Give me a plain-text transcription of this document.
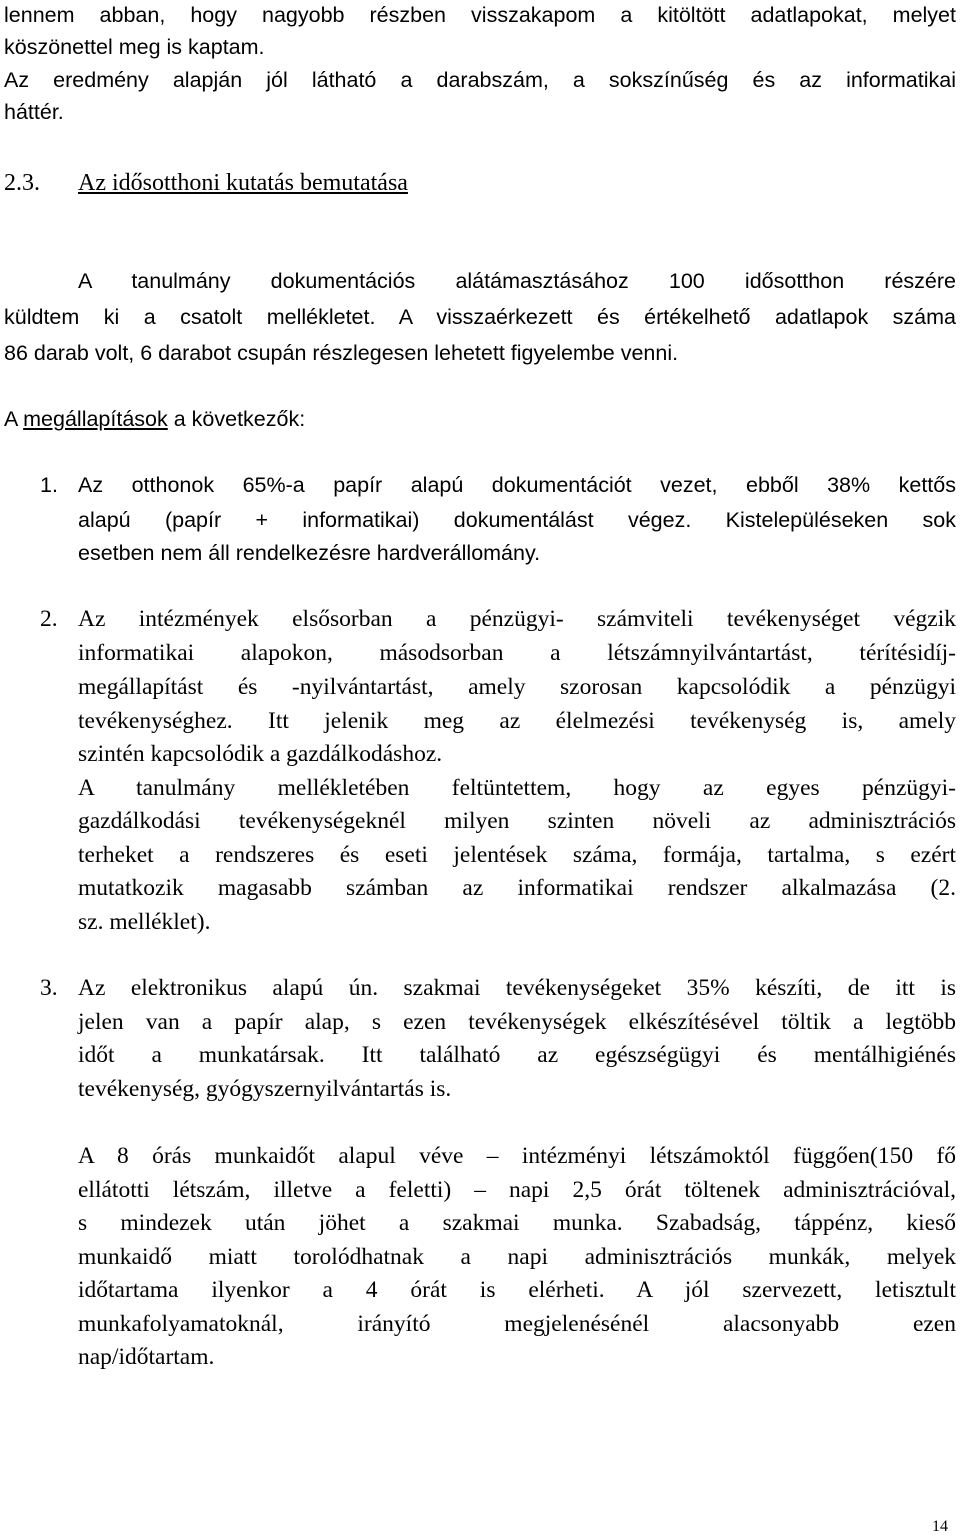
lennem abban, hogy nagyobb részben visszakapom a kitöltött adatlapokat, melyet
köszönettel meg is kaptam.
Az eredmény alapján jól látható a darabszám, a sokszínűség és az informatikai
háttér.
2.3. Az idősotthoni kutatás bemutatása
A tanulmány dokumentációs alátámasztásához 100 idősotthon részére
küldtem ki a csatolt mellékletet. A visszaérkezett és értékelhető adatlapok száma
86 darab volt, 6 darabot csupán részlegesen lehetett figyelembe venni.
A megállapítások a következők:
1. Az otthonok 65%-a papír alapú dokumentációt vezet, ebből 38% kettős
alapú (papír + informatikai) dokumentálást végez. Kistelepüléseken sok
esetben nem áll rendelkezésre hardverállomány.
2. Az intézmények elsősorban a pénzügyi- számviteli tevékenységet végzik
informatikai alapokon, másodsorban a létszámnyilvántartást, térítésidíj-
megállapítást és -nyilvántartást, amely szorosan kapcsolódik a pénzügyi
tevékenységhez. Itt jelenik meg az élelmezési tevékenység is, amely
szintén kapcsolódik a gazdálkodáshoz.
A tanulmány mellékletében feltüntettem, hogy az egyes pénzügyi-
gazdálkodási tevékenységeknél milyen szinten növeli az adminisztrációs
terheket a rendszeres és eseti jelentések száma, formája, tartalma, s ezért
mutatkozik magasabb számban az informatikai rendszer alkalmazása (2.
sz. melléklet).
3. Az elektronikus alapú ún. szakmai tevékenységeket 35% készíti, de itt is
jelen van a papír alap, s ezen tevékenységek elkészítésével töltik a legtöbb
időt a munkatársak. Itt található az egészségügyi és mentálhigiénés
tevékenység, gyógyszernyilvántartás is.
A 8 órás munkaidőt alapul véve – intézményi létszámoktól függően(150 fő
ellátotti létszám, illetve a feletti) – napi 2,5 órát töltenek adminisztrációval,
s mindezek után jöhet a szakmai munka. Szabadság, táppénz, kieső
munkaidő miatt torolódhatnak a napi adminisztrációs munkák, melyek
időtartama ilyenkor a 4 órát is elérheti. A jól szervezett, letisztult
munkafolyamatoknál, irányító megjelenésénél alacsonyabb ezen
nap/időtartam.
14
